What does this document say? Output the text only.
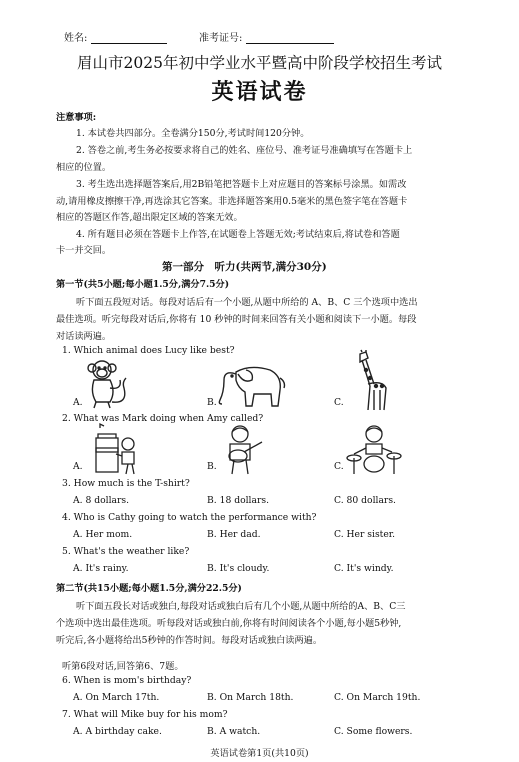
姓名:	准考证号:
眉山市2025年初中学业水平暨高中阶段学校招生考试
英语试卷
注意事项:
1. 本试卷共四部分。全卷满分150分,考试时间120分钟。
2. 答卷之前,考生务必按要求将自己的姓名、座位号、准考证号准确填写在答题卡上
相应的位置。
3. 考生选出选择题答案后,用2B铅笔把答题卡上对应题目的答案标号涂黑。如需改
动,请用橡皮擦擦干净,再选涂其它答案。非选择题答案用0.5毫米的黑色签字笔在答题卡
相应的答题区作答,超出限定区域的答案无效。
4. 所有题目必须在答题卡上作答,在试题卷上答题无效;考试结束后,将试卷和答题
卡一并交回。
第一部分　听力(共两节,满分30分)
第一节(共5小题;每小题1.5分,满分7.5分)
听下面五段短对话。每段对话后有一个小题,从题中所给的 A、B、C 三个选项中选出
最佳选项。听完每段对话后,你将有 10 秒钟的时间来回答有关小题和阅读下一小题。每段
对话读两遍。
1. Which animal does Lucy like best?
A.	B.	C.
2. What was Mark doing when Amy called?
A.	B.	C.
3. How much is the T-shirt?
A. 8 dollars.	B. 18 dollars.	C. 80 dollars.
4. Who is Cathy going to watch the performance with?
A. Her mom.	B. Her dad.	C. Her sister.
5. What's the weather like?
A. It's rainy.	B. It's cloudy.	C. It's windy.
第二节(共15小题;每小题1.5分,满分22.5分)
听下面五段长对话或独白,每段对话或独白后有几个小题,从题中所给的A、B、C三
个选项中选出最佳选项。听每段对话或独白前,你将有时间阅读各个小题,每小题5秒钟,
听完后,各小题将给出5秒钟的作答时间。每段对话或独白读两遍。
听第6段对话,回答第6、7题。
6. When is mom's birthday?
A. On March 17th.	B. On March 18th.	C. On March 19th.
7. What will Mike buy for his mom?
A. A birthday cake.	B. A watch.	C. Some flowers.
英语试卷第1页(共10页)
